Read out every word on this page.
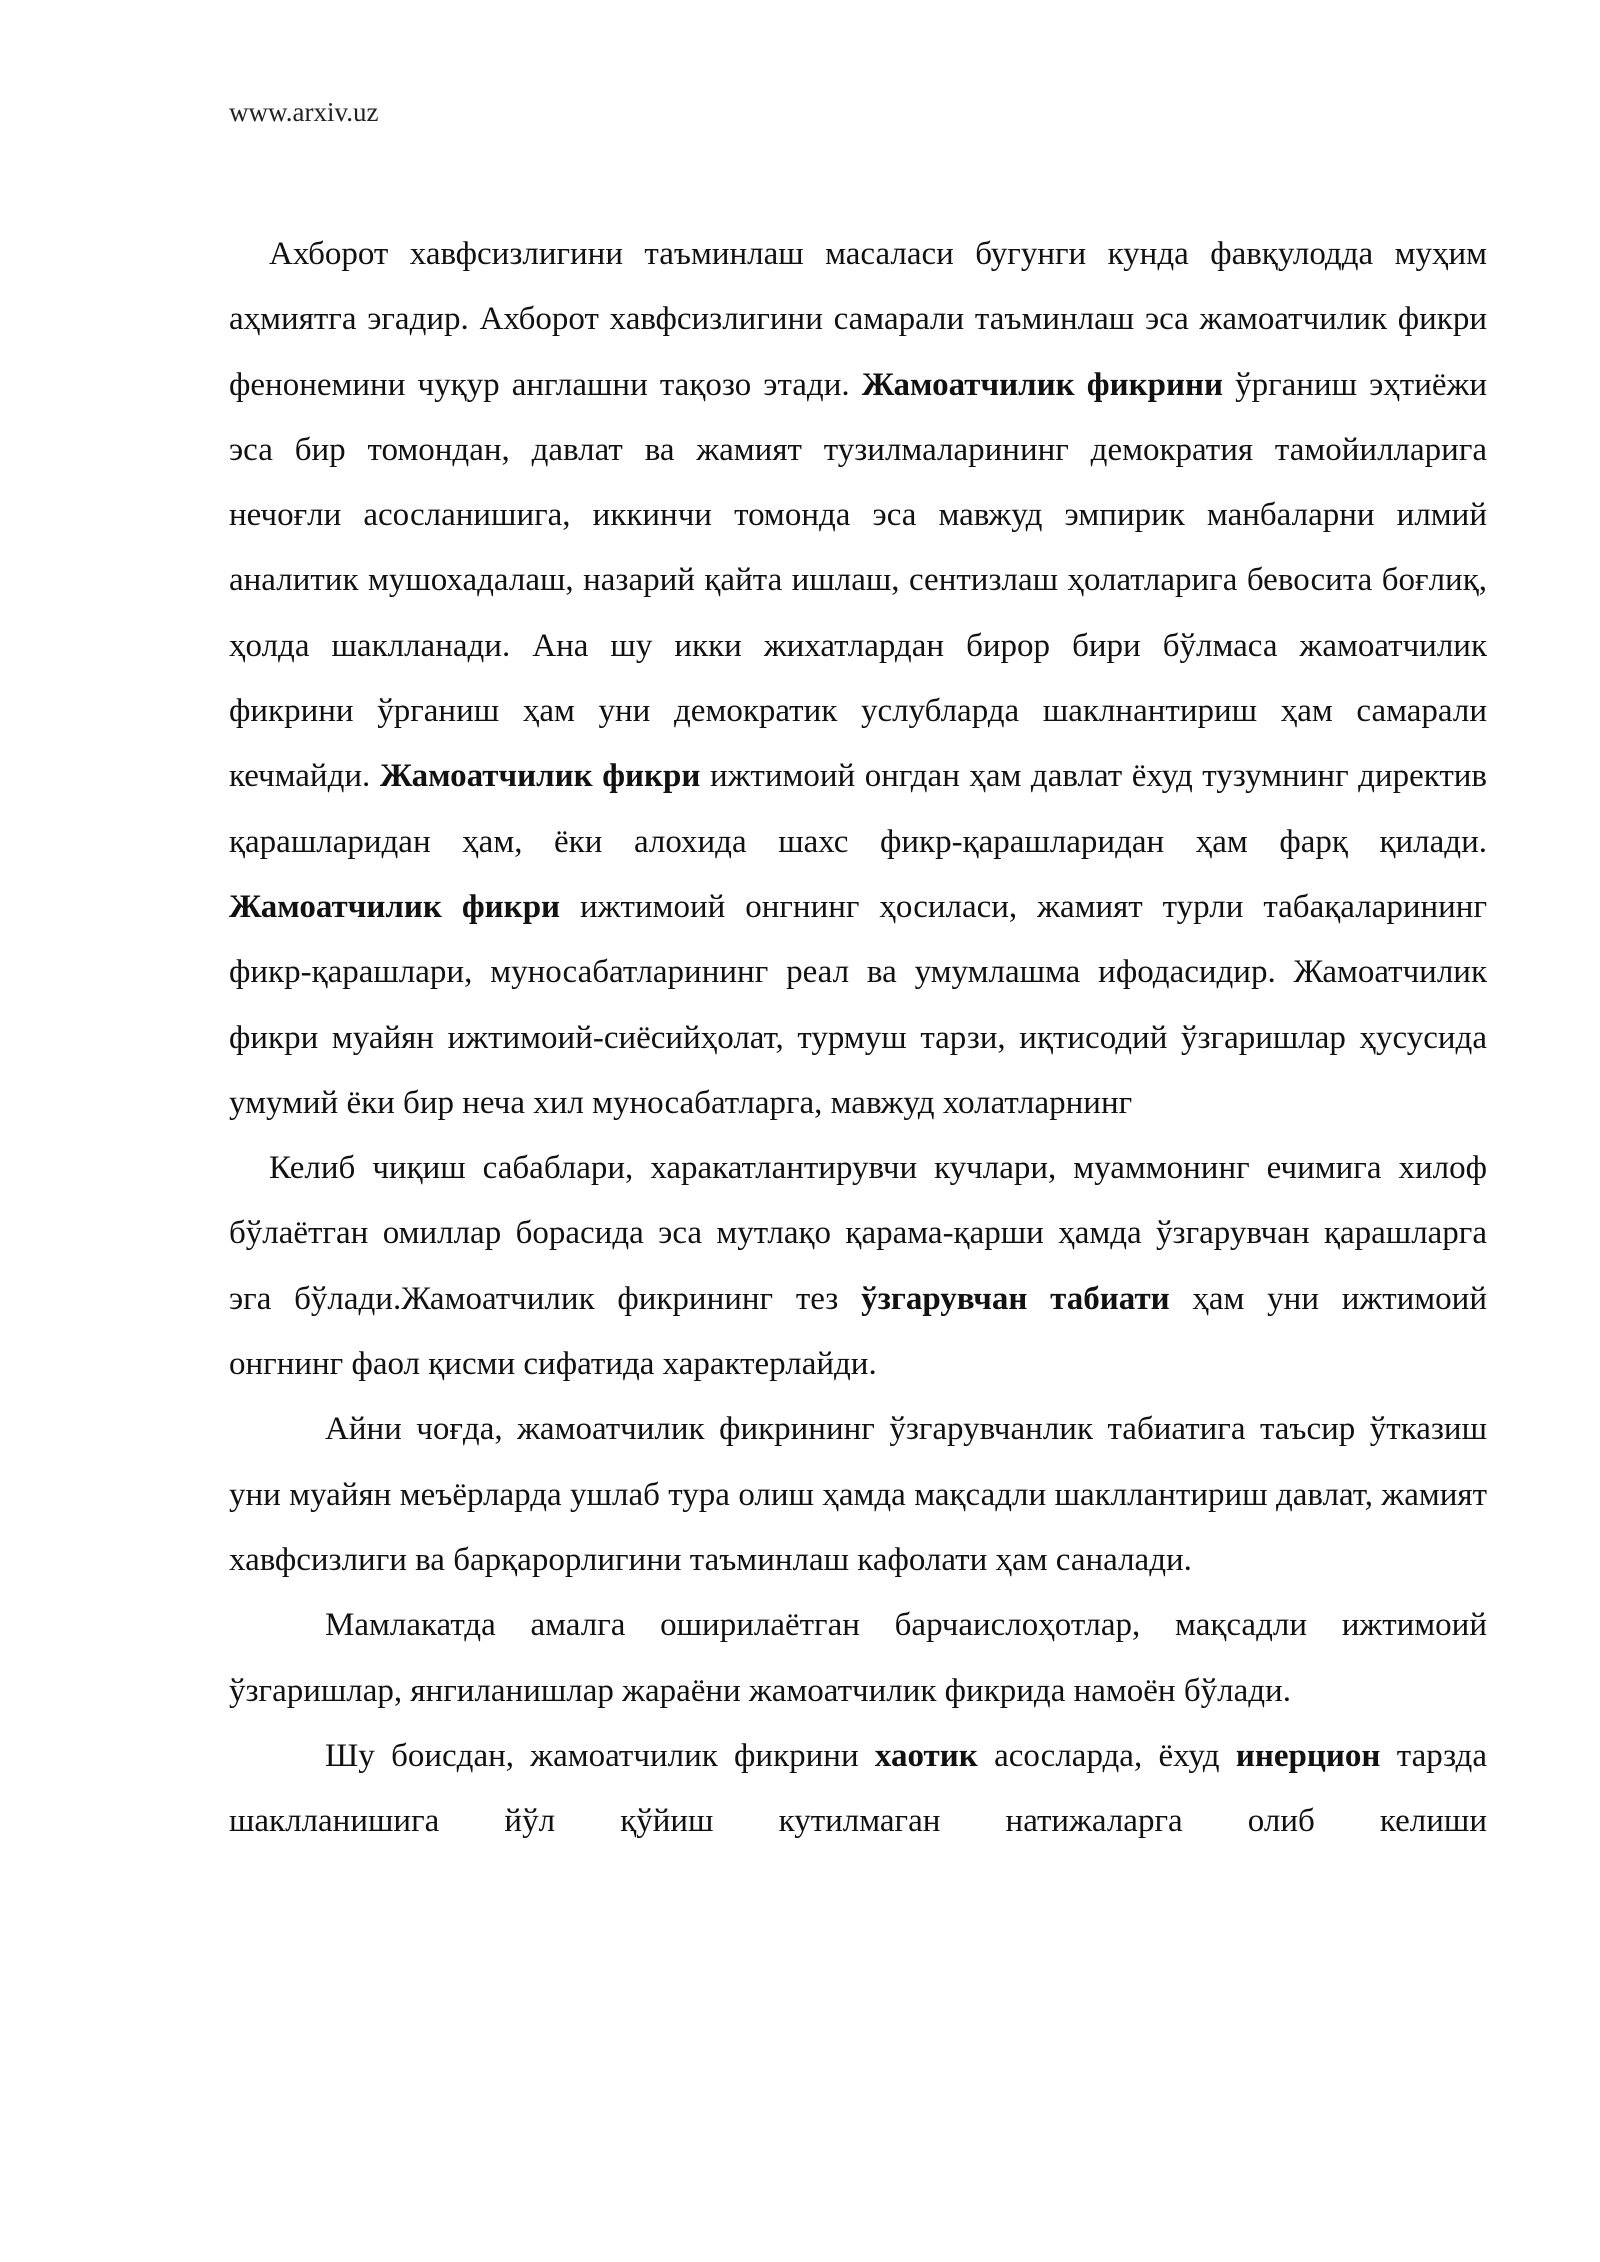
www.arxiv.uz

Ахборот хавфсизлигини таъминлаш масаласи бугунги кунда фавқулодда муҳим аҳмиятга эгадир. Ахборот хавфсизлигини самарали таъминлаш эса жамоатчилик фикри фенонемини чуқур англашни тақозо этади. Жамоатчилик фикрини ўрганиш эҳтиёжи эса бир томондан, давлат ва жамият тузилмаларининг демократия тамойилларига нечоғли асосланишига, иккинчи томонда эса мавжуд эмпирик манбаларни илмий аналитик мушохадалаш, назарий қайта ишлаш, сентизлаш ҳолатларига бевосита боғлиқ, ҳолда шаклланади. Ана шу икки жихатлардан бирор бири бўлмаса жамоатчилик фикрини ўрганиш ҳам уни демократик услубларда шаклнантириш ҳам самарали кечмайди. Жамоатчилик фикри ижтимоий онгдан ҳам давлат ёхуд тузумнинг директив қарашларидан ҳам, ёки алохида шахс фикр-қарашларидан ҳам фарқ қилади. Жамоатчилик фикри ижтимоий онгнинг ҳосиласи, жамият турли табақаларининг фикр-қарашлари, муносабатларининг реал ва умумлашма ифодасидир. Жамоатчилик фикри муайян ижтимоий-сиёсийҳолат, турмуш тарзи, иқтисодий ўзгаришлар ҳусусида умумий ёки бир неча хил муносабатларга, мавжуд холатларнинг

Келиб чиқиш сабаблари, харакатлантирувчи кучлари, муаммонинг ечимига хилоф бўлаётган омиллар борасида эса мутлақо қарама-қарши ҳамда ўзгарувчан қарашларга эга бўлади.Жамоатчилик фикрининг тез ўзгарувчан табиати ҳам уни ижтимоий онгнинг фаол қисми сифатида характерлайди.

Айни чоғда, жамоатчилик фикрининг ўзгарувчанлик табиатига таъсир ўтказиш уни муайян меъёрларда ушлаб тура олиш ҳамда мақсадли шакллантириш давлат, жамият хавфсизлиги ва барқарорлигини таъминлаш кафолати ҳам саналади.

Мамлакатда амалга оширилаётган барчаислоҳотлар, мақсадли ижтимоий ўзгаришлар, янгиланишлар жараёни жамоатчилик фикрида намоён бўлади.

Шу боисдан, жамоатчилик фикрини хаотик асосларда, ёхуд инерцион тарзда шаклланишига йўл қўйиш кутилмаган натижаларга олиб келиши
